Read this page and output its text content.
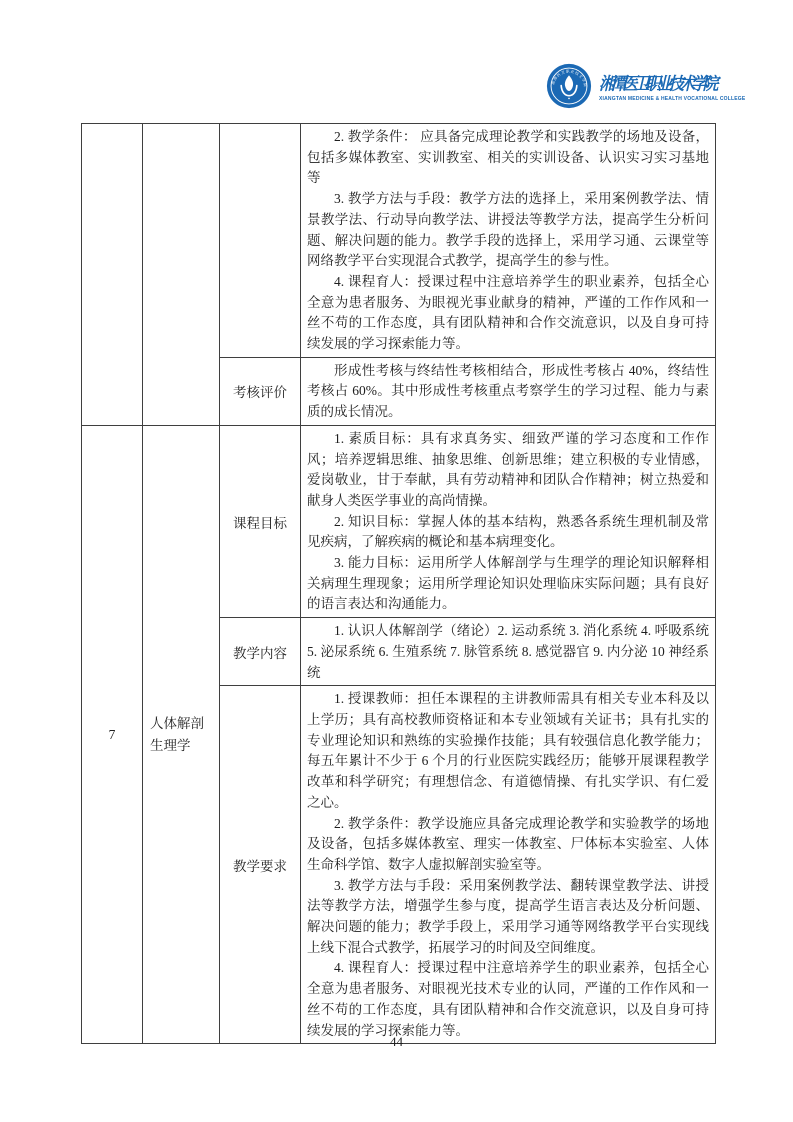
湘潭医卫职业技术学院 湘潭医卫职业技术学院
XIANGTAN MEDICINE & HEALTH VOCATIONAL COLLEGE

			2. 教学条件： 应具备完成理论教学和实践教学的场地及设备，包括多媒体教室、实训教室、相关的实训设备、认识实习实习基地等

3. 教学方法与手段：教学方法的选择上，采用案例教学法、情景教学法、行动导向教学法、讲授法等教学方法，提高学生分析问题、解决问题的能力。教学手段的选择上，采用学习通、云课堂等网络教学平台实现混合式教学，提高学生的参与性。

4. 课程育人：授课过程中注意培养学生的职业素养，包括全心全意为患者服务、为眼视光事业献身的精神，严谨的工作作风和一丝不苟的工作态度，具有团队精神和合作交流意识，以及自身可持续发展的学习探索能力等。

		考核评价	形成性考核与终结性考核相结合，形成性考核占 40%，终结性考核占 60%。其中形成性考核重点考察学生的学习过程、能力与素质的成长情况。

7	人体解剖生理学	课程目标	1. 素质目标：具有求真务实、细致严谨的学习态度和工作作风；培养逻辑思维、抽象思维、创新思维；建立积极的专业情感，爱岗敬业，甘于奉献，具有劳动精神和团队合作精神；树立热爱和献身人类医学事业的高尚情操。

2. 知识目标：掌握人体的基本结构，熟悉各系统生理机制及常见疾病，了解疾病的概论和基本病理变化。

3. 能力目标：运用所学人体解剖学与生理学的理论知识解释相关病理生理现象；运用所学理论知识处理临床实际问题；具有良好的语言表达和沟通能力。

		教学内容	1. 认识人体解剖学（绪论）2. 运动系统 3. 消化系统 4. 呼吸系统 5. 泌尿系统 6. 生殖系统 7. 脉管系统 8. 感觉器官 9. 内分泌 10 神经系统

		教学要求	1. 授课教师：担任本课程的主讲教师需具有相关专业本科及以上学历；具有高校教师资格证和本专业领域有关证书；具有扎实的专业理论知识和熟练的实验操作技能；具有较强信息化教学能力；每五年累计不少于 6 个月的行业医院实践经历；能够开展课程教学改革和科学研究；有理想信念、有道德情操、有扎实学识、有仁爱之心。

2. 教学条件：教学设施应具备完成理论教学和实验教学的场地及设备，包括多媒体教室、理实一体教室、尸体标本实验室、人体生命科学馆、数字人虚拟解剖实验室等。

3. 教学方法与手段：采用案例教学法、翻转课堂教学法、讲授法等教学方法，增强学生参与度，提高学生语言表达及分析问题、解决问题的能力；教学手段上，采用学习通等网络教学平台实现线上线下混合式教学，拓展学习的时间及空间维度。

4. 课程育人：授课过程中注意培养学生的职业素养，包括全心全意为患者服务、对眼视光技术专业的认同，严谨的工作作风和一丝不苟的工作态度，具有团队精神和合作交流意识，以及自身可持续发展的学习探索能力等。

44
